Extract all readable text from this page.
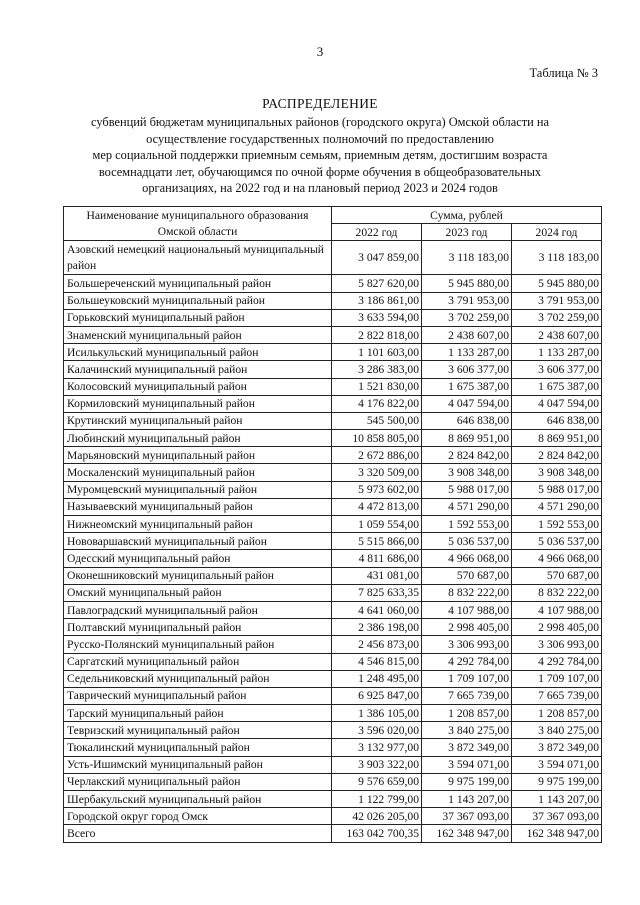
3
Таблица № 3
РАСПРЕДЕЛЕНИЕ
субвенций бюджетам муниципальных районов (городского округа) Омской области на
осуществление государственных полномочий по предоставлению
мер социальной поддержки приемным семьям, приемным детям, достигшим возраста
восемнадцати лет, обучающимся по очной форме обучения в общеобразовательных
организациях, на 2022 год и на плановый период 2023 и 2024 годов
Наименование муниципального образования Омской области	Сумма, рублей		
	2022 год	2023 год	2024 год
Азовский немецкий национальный муниципальный район	3 047 859,00	3 118 183,00	3 118 183,00
Большереченский муниципальный район	5 827 620,00	5 945 880,00	5 945 880,00
Большеуковский муниципальный район	3 186 861,00	3 791 953,00	3 791 953,00
Горьковский муниципальный район	3 633 594,00	3 702 259,00	3 702 259,00
Знаменский муниципальный район	2 822 818,00	2 438 607,00	2 438 607,00
Исилькульский муниципальный район	1 101 603,00	1 133 287,00	1 133 287,00
Калачинский муниципальный район	3 286 383,00	3 606 377,00	3 606 377,00
Колосовский муниципальный район	1 521 830,00	1 675 387,00	1 675 387,00
Кормиловский муниципальный район	4 176 822,00	4 047 594,00	4 047 594,00
Крутинский муниципальный район	545 500,00	646 838,00	646 838,00
Любинский муниципальный район	10 858 805,00	8 869 951,00	8 869 951,00
Марьяновский муниципальный район	2 672 886,00	2 824 842,00	2 824 842,00
Москаленский муниципальный район	3 320 509,00	3 908 348,00	3 908 348,00
Муромцевский муниципальный район	5 973 602,00	5 988 017,00	5 988 017,00
Называевский муниципальный район	4 472 813,00	4 571 290,00	4 571 290,00
Нижнеомский муниципальный район	1 059 554,00	1 592 553,00	1 592 553,00
Нововаршавский муниципальный район	5 515 866,00	5 036 537,00	5 036 537,00
Одесский муниципальный район	4 811 686,00	4 966 068,00	4 966 068,00
Оконешниковский муниципальный район	431 081,00	570 687,00	570 687,00
Омский муниципальный район	7 825 633,35	8 832 222,00	8 832 222,00
Павлоградский муниципальный район	4 641 060,00	4 107 988,00	4 107 988,00
Полтавский муниципальный район	2 386 198,00	2 998 405,00	2 998 405,00
Русско-Полянский муниципальный район	2 456 873,00	3 306 993,00	3 306 993,00
Саргатский муниципальный район	4 546 815,00	4 292 784,00	4 292 784,00
Седельниковский муниципальный район	1 248 495,00	1 709 107,00	1 709 107,00
Таврический муниципальный район	6 925 847,00	7 665 739,00	7 665 739,00
Тарский муниципальный район	1 386 105,00	1 208 857,00	1 208 857,00
Тевризский муниципальный район	3 596 020,00	3 840 275,00	3 840 275,00
Тюкалинский муниципальный район	3 132 977,00	3 872 349,00	3 872 349,00
Усть-Ишимский муниципальный район	3 903 322,00	3 594 071,00	3 594 071,00
Черлакский муниципальный район	9 576 659,00	9 975 199,00	9 975 199,00
Шербакульский муниципальный район	1 122 799,00	1 143 207,00	1 143 207,00
Городской округ город Омск	42 026 205,00	37 367 093,00	37 367 093,00
Всего	163 042 700,35	162 348 947,00	162 348 947,00
